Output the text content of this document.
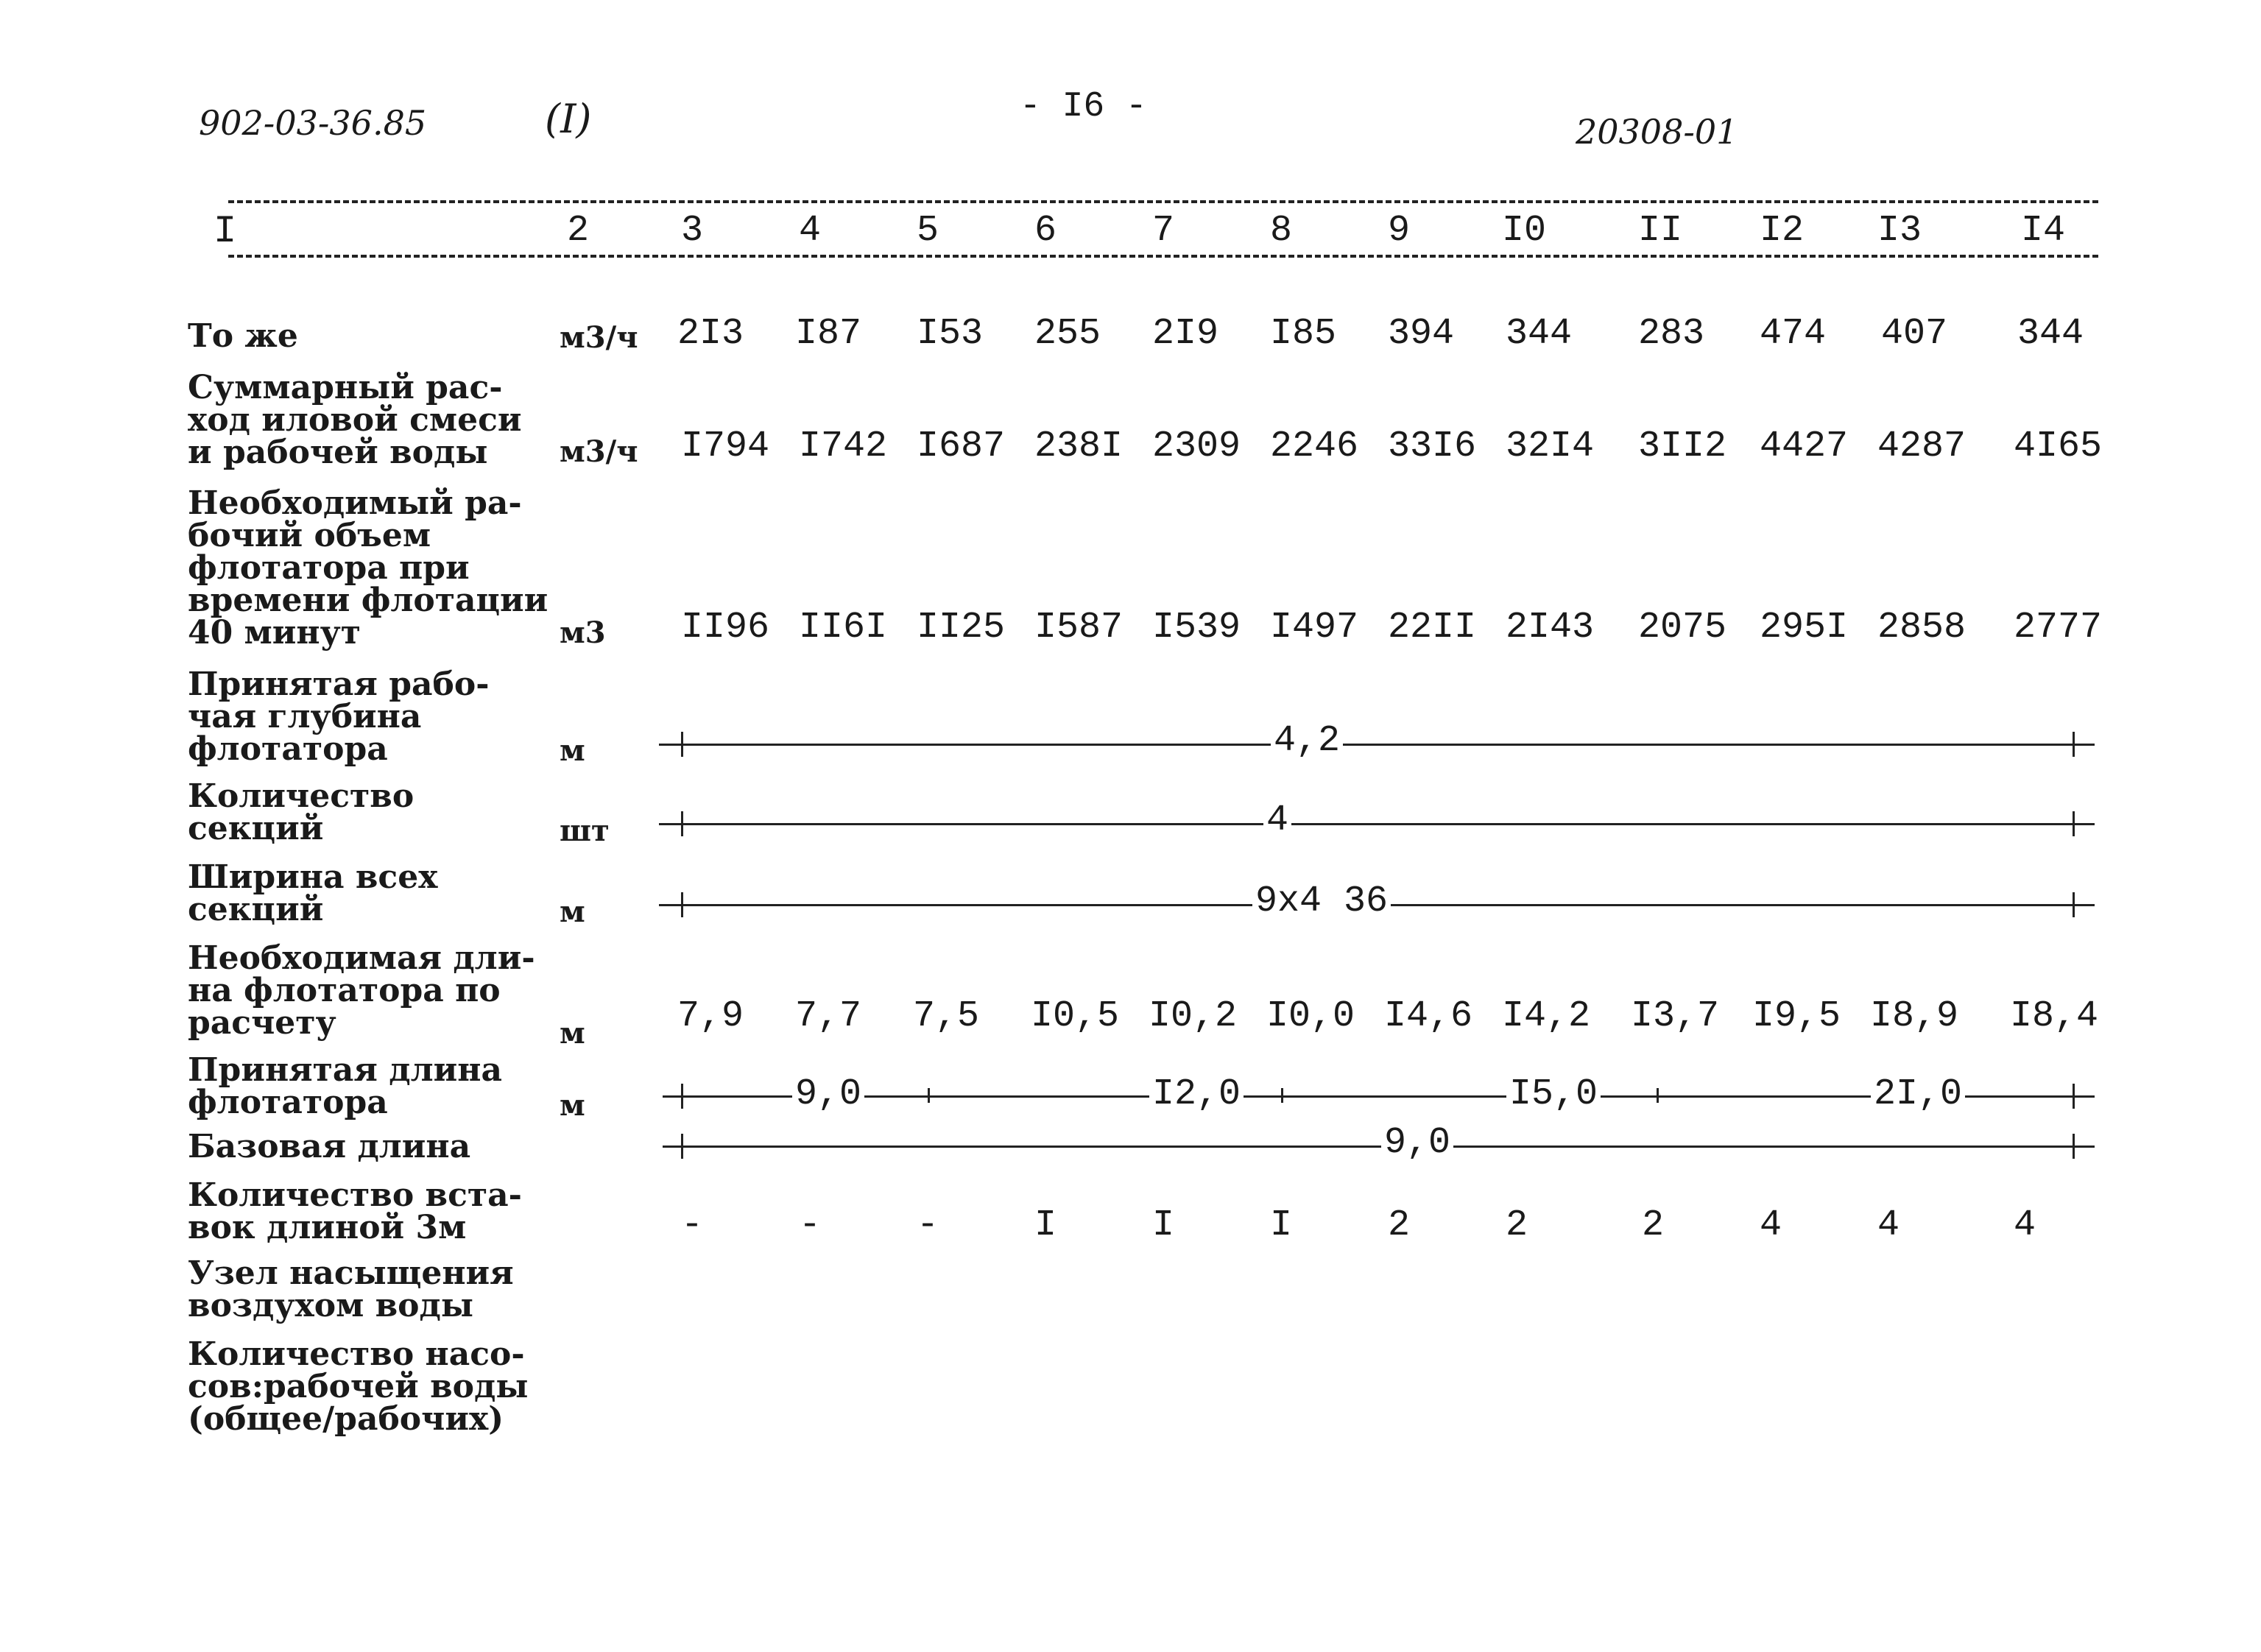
902-03-36.85	(I)	- I6 -
20308-01
I	2 3	4	5	6	7	8	9 I0 II I2 I3	I4
То же	м3/ч 2I3 I87 I53 255 2I9 I85 394 344 283 474 407 344
Суммарный рас-
ход иловой смеси
и рабочей воды	м3/ч I794 I742 I687 238I 2309 2246 33I6 32I4 3II2 4427 4287 4I65
Необходимый ра-
бочий объем
флотатора при
времени флотации
40 минут	м3 II96 II6I II25 I587 I539 I497 22II 2I43 2075 295I 2858 2777
Принятая рабо-
чая глубина
флотатора	м	4,2
Количество
секций	шт	4
Ширина всех
секций	м	9х4 36
Необходимая дли-
на флотатора по
расчету	м	7,9 7,7 7,5 I0,5 I0,2 I0,0 I4,6 I4,2 I3,7 I9,5 I8,9 I8,4
Принятая длина
флотатора	м	9,0	I2,0	I5,0	2I,0
Базовая длина	9,0
Количество вста-
вок длиной 3м	-	-	-	I	I	I	2	2	2	4	4	4
Узел насыщения
воздухом воды
Количество насо-
сов:рабочей воды
(общее/рабочих)
